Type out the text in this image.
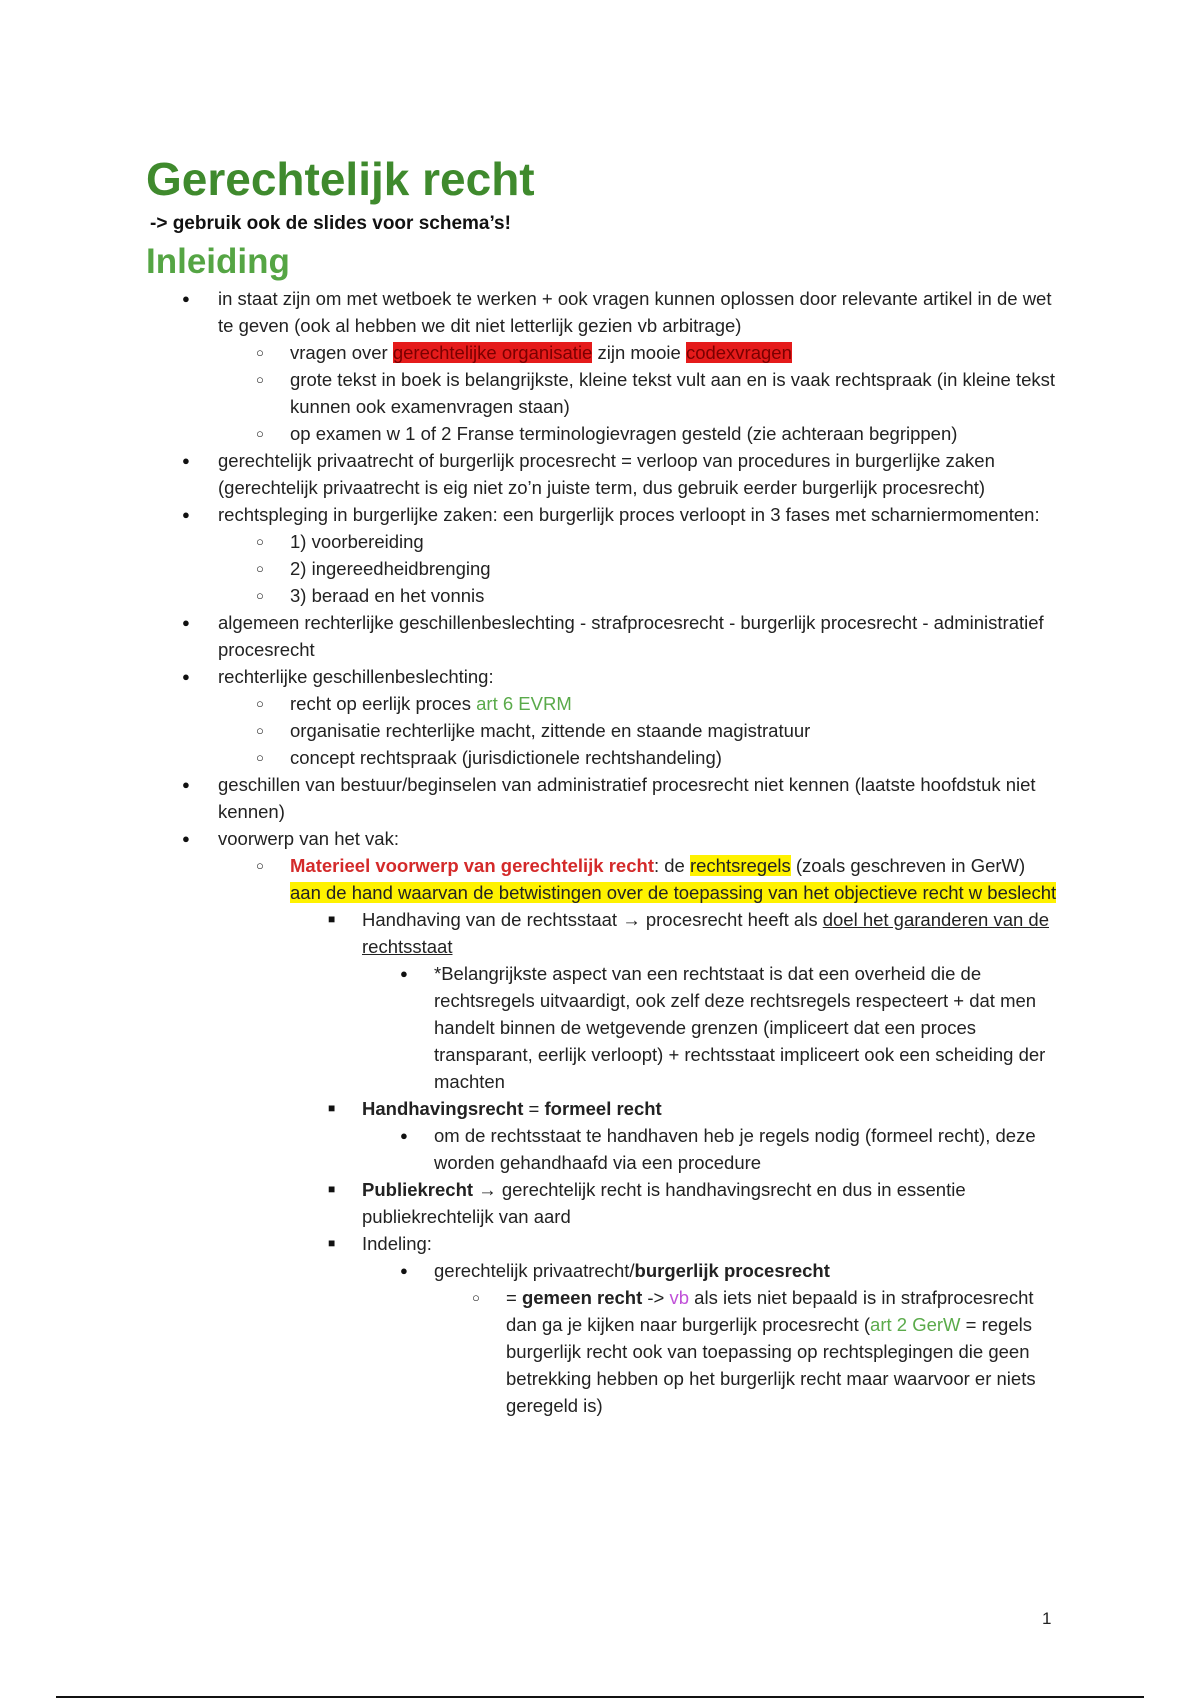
Gerechtelijk recht
-> gebruik ook de slides voor schema’s!
Inleiding
● in staat zijn om met wetboek te werken + ook vragen kunnen oplossen door relevante artikel in de wet te geven (ook al hebben we dit niet letterlijk gezien vb arbitrage)
○ vragen over gerechtelijke organisatie zijn mooie codexvragen
○ grote tekst in boek is belangrijkste, kleine tekst vult aan en is vaak rechtspraak (in kleine tekst kunnen ook examenvragen staan)
○ op examen w 1 of 2 Franse terminologievragen gesteld (zie achteraan begrippen)
● gerechtelijk privaatrecht of burgerlijk procesrecht = verloop van procedures in burgerlijke zaken (gerechtelijk privaatrecht is eig niet zo’n juiste term, dus gebruik eerder burgerlijk procesrecht)
● rechtspleging in burgerlijke zaken: een burgerlijk proces verloopt in 3 fases met scharniermomenten:
○ 1) voorbereiding
○ 2) ingereedheidbrenging
○ 3) beraad en het vonnis
● algemeen rechterlijke geschillenbeslechting - strafprocesrecht - burgerlijk procesrecht - administratief procesrecht
● rechterlijke geschillenbeslechting:
○ recht op eerlijk proces art 6 EVRM
○ organisatie rechterlijke macht, zittende en staande magistratuur
○ concept rechtspraak (jurisdictionele rechtshandeling)
● geschillen van bestuur/beginselen van administratief procesrecht niet kennen (laatste hoofdstuk niet kennen)
● voorwerp van het vak:
○ Materieel voorwerp van gerechtelijk recht: de rechtsregels (zoals geschreven in GerW) aan de hand waarvan de betwistingen over de toepassing van het objectieve recht w beslecht
■ Handhaving van de rechtsstaat → procesrecht heeft als doel het garanderen van de rechtsstaat
● *Belangrijkste aspect van een rechtstaat is dat een overheid die de rechtsregels uitvaardigt, ook zelf deze rechtsregels respecteert + dat men handelt binnen de wetgevende grenzen (impliceert dat een proces transparant, eerlijk verloopt) + rechtsstaat impliceert ook een scheiding der machten
■ Handhavingsrecht = formeel recht
● om de rechtsstaat te handhaven heb je regels nodig (formeel recht), deze worden gehandhaafd via een procedure
■ Publiekrecht → gerechtelijk recht is handhavingsrecht en dus in essentie publiekrechtelijk van aard
■ Indeling:
● gerechtelijk privaatrecht/burgerlijk procesrecht
○ = gemeen recht -> vb als iets niet bepaald is in strafprocesrecht dan ga je kijken naar burgerlijk procesrecht (art 2 GerW = regels burgerlijk recht ook van toepassing op rechtsplegingen die geen betrekking hebben op het burgerlijk recht maar waarvoor er niets geregeld is)
1
